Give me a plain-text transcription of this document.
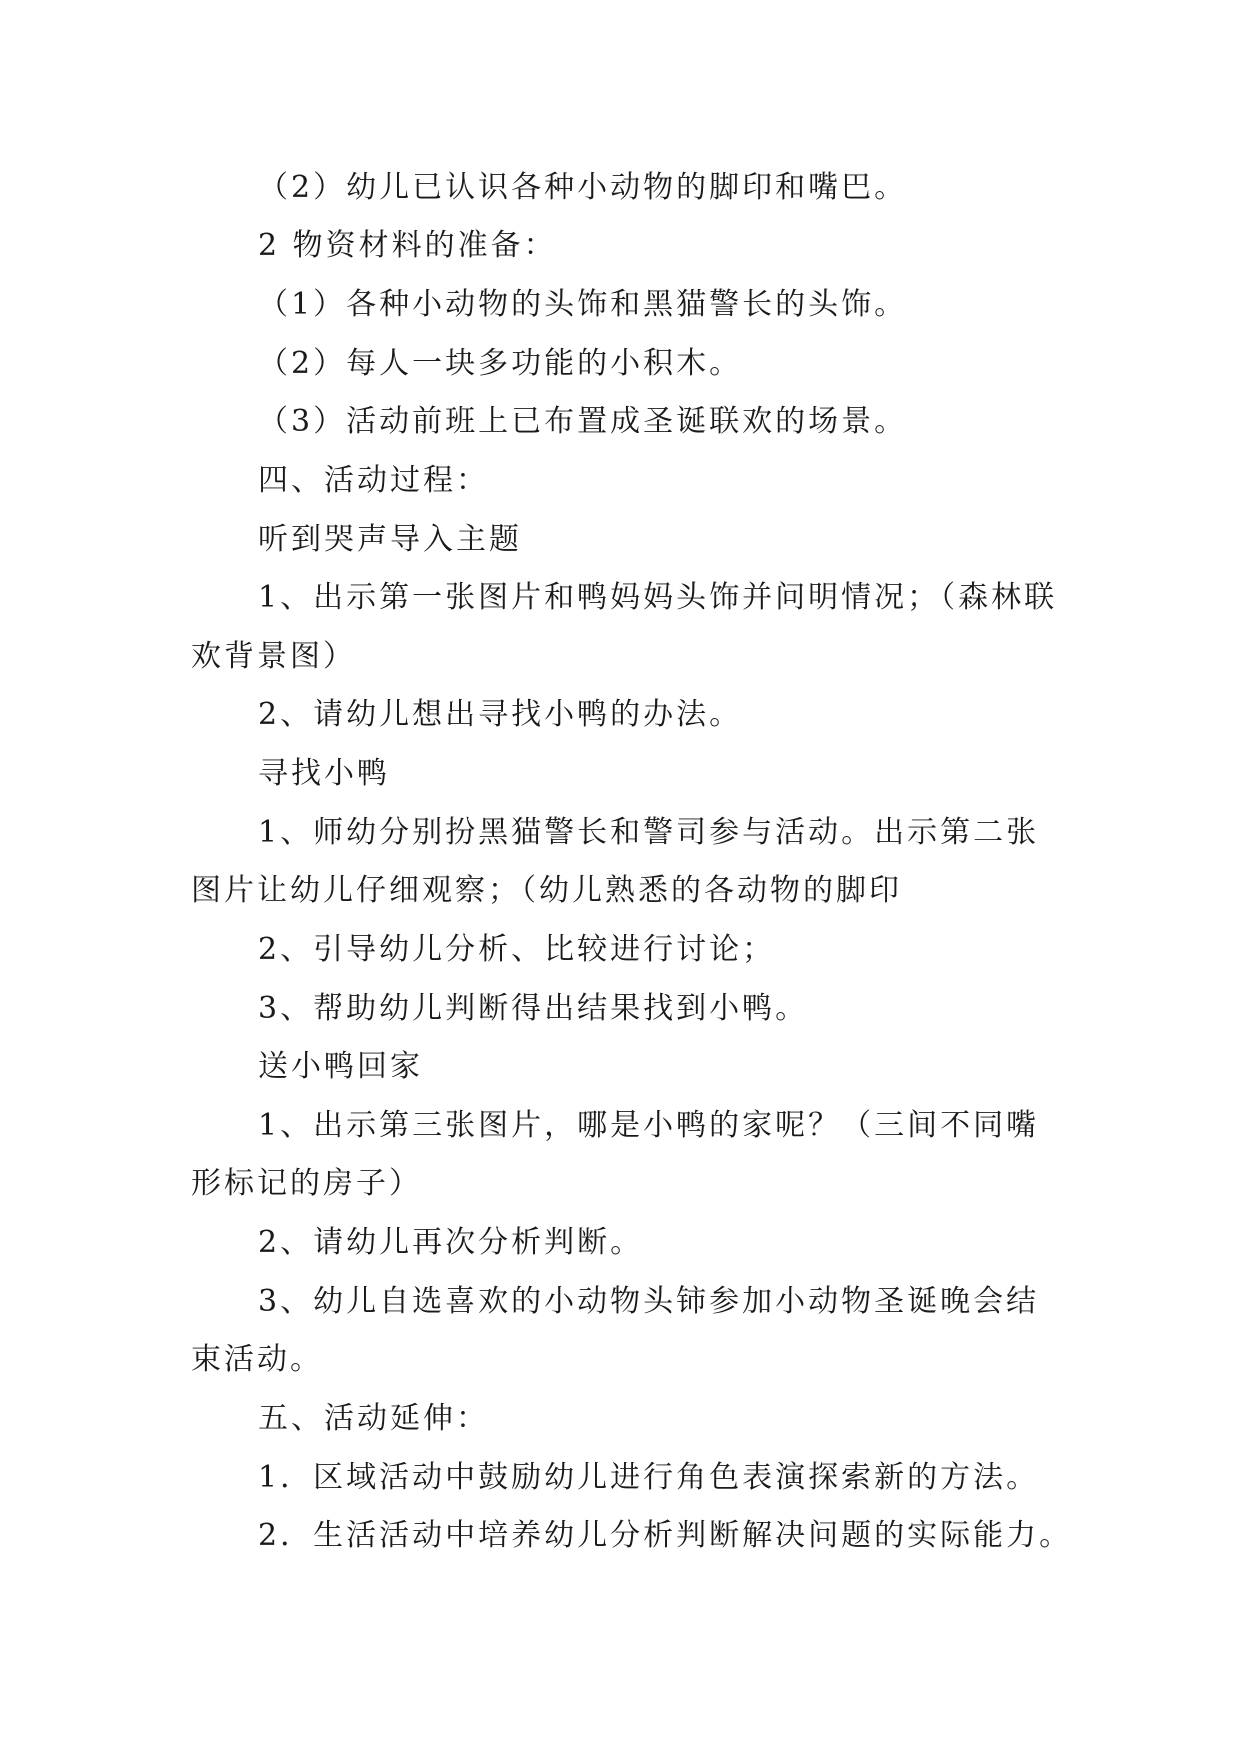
（2）幼儿已认识各种小动物的脚印和嘴巴。
2 物资材料的准备：
（1）各种小动物的头饰和黑猫警长的头饰。
（2）每人一块多功能的小积木。
（3）活动前班上已布置成圣诞联欢的场景。
四、活动过程：
听到哭声导入主题
1、出示第一张图片和鸭妈妈头饰并问明情况；（森林联
欢背景图）
2、请幼儿想出寻找小鸭的办法。
寻找小鸭
1、师幼分别扮黑猫警长和警司参与活动。出示第二张
图片让幼儿仔细观察；（幼儿熟悉的各动物的脚印
2、引导幼儿分析、比较进行讨论；
3、帮助幼儿判断得出结果找到小鸭。
送小鸭回家
1、出示第三张图片，哪是小鸭的家呢？（三间不同嘴
形标记的房子）
2、请幼儿再次分析判断。
3、幼儿自选喜欢的小动物头铈参加小动物圣诞晚会结
束活动。
五、活动延伸：
1．区域活动中鼓励幼儿进行角色表演探索新的方法。
2．生活活动中培养幼儿分析判断解决问题的实际能力。
